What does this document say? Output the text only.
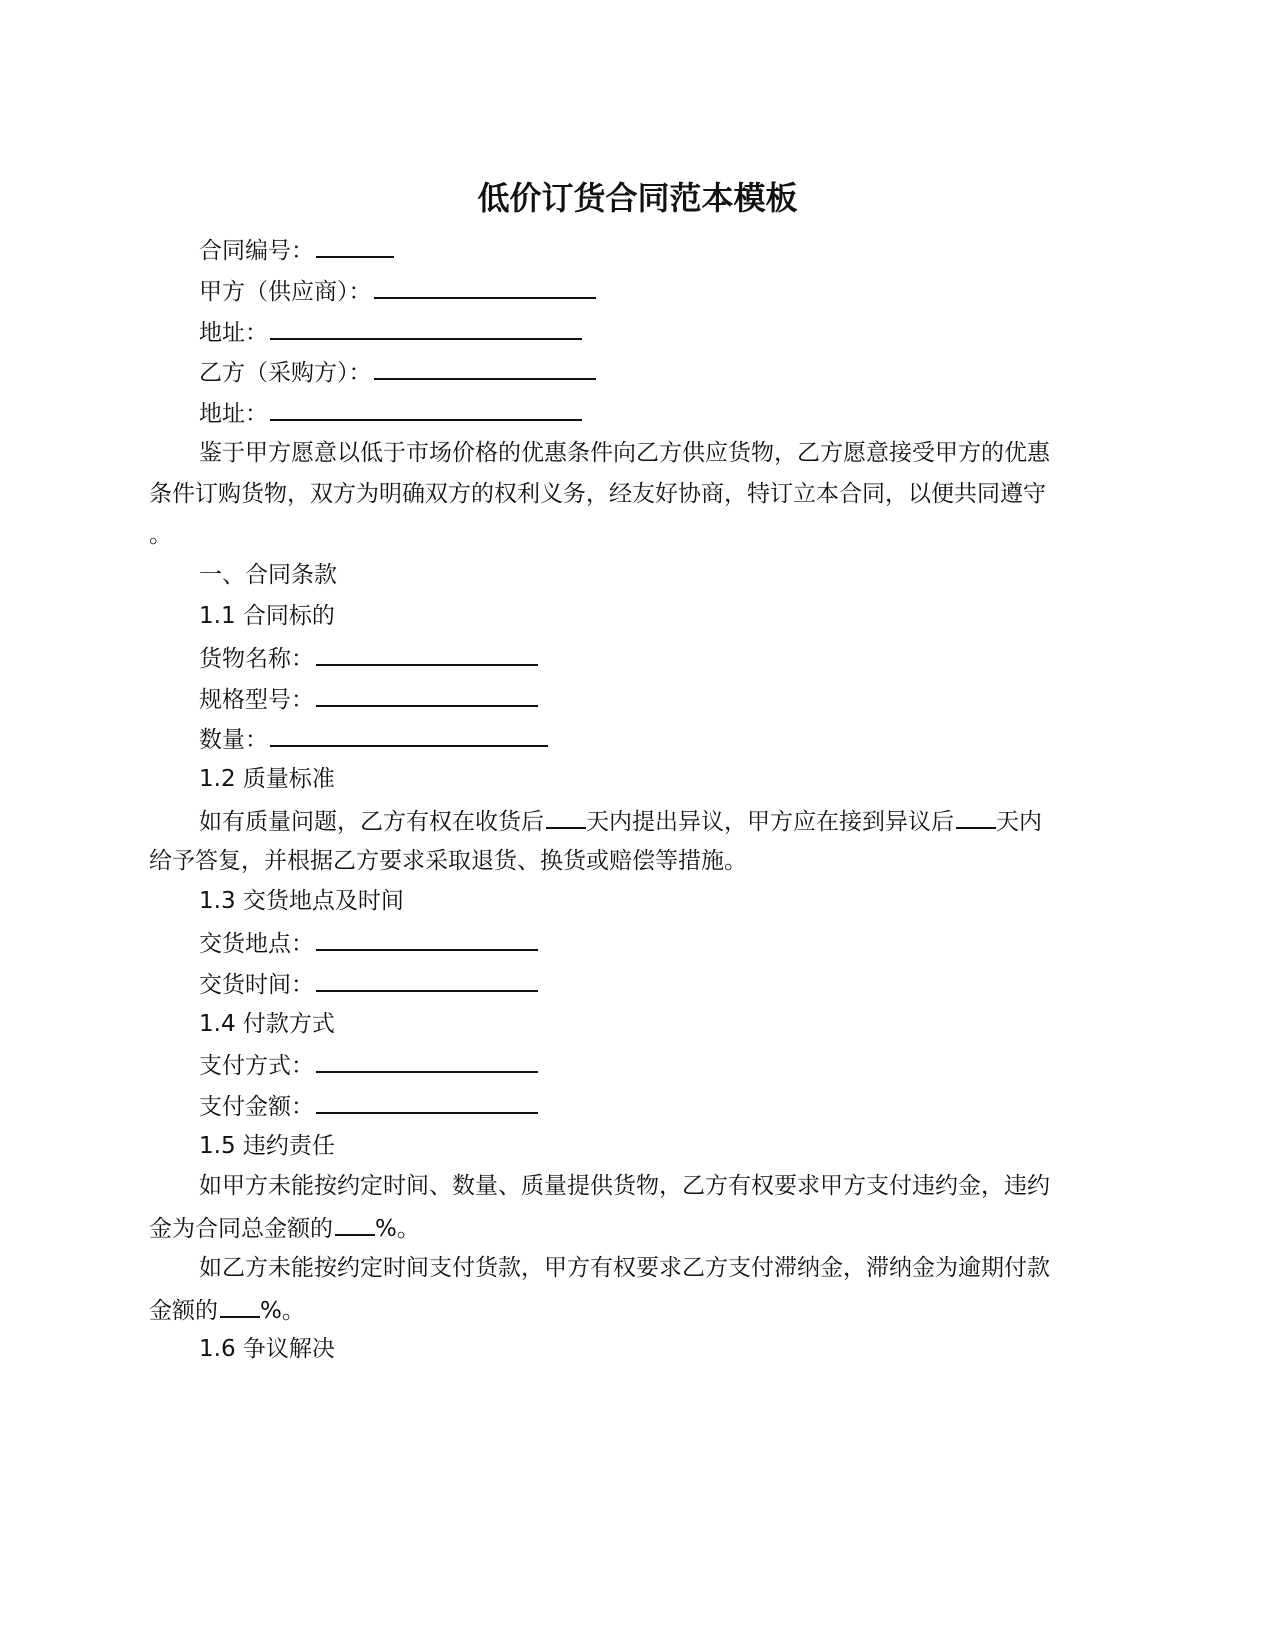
低价订货合同范本模板
合同编号：
甲方（供应商）：
地址：
乙方（采购方）：
地址：
鉴于甲方愿意以低于市场价格的优惠条件向乙方供应货物，乙方愿意接受甲方的优惠
条件订购货物，双方为明确双方的权利义务，经友好协商，特订立本合同，以便共同遵守
。
一、合同条款
1.1 合同标的
货物名称：
规格型号：
数量：
1.2 质量标准
如有质量问题，乙方有权在收货后 天内提出异议，甲方应在接到异议后 天内
给予答复，并根据乙方要求采取退货、换货或赔偿等措施。
1.3 交货地点及时间
交货地点：
交货时间：
1.4 付款方式
支付方式：
支付金额：
1.5 违约责任
如甲方未能按约定时间、数量、质量提供货物，乙方有权要求甲方支付违约金，违约
金为合同总金额的 %。
如乙方未能按约定时间支付货款，甲方有权要求乙方支付滞纳金，滞纳金为逾期付款
金额的 %。
1.6 争议解决
